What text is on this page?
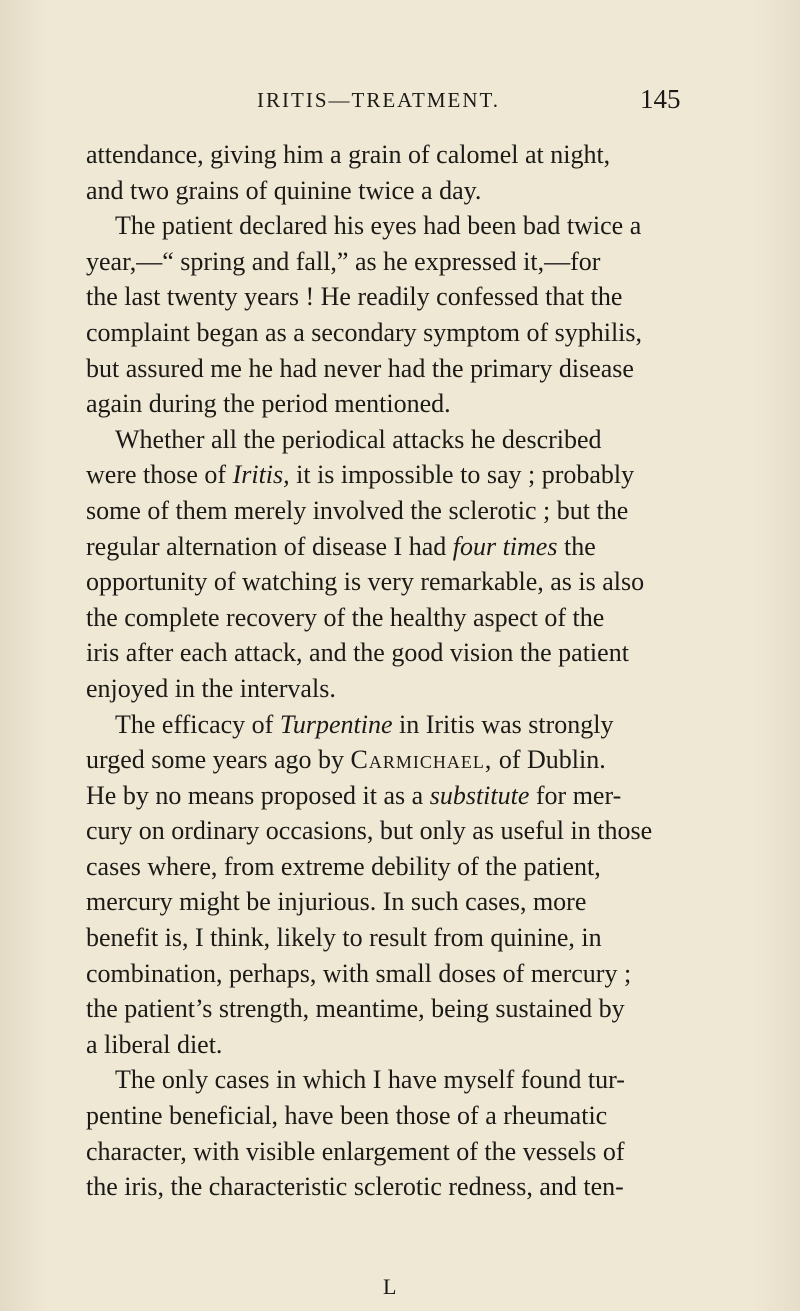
IRITIS—TREATMENT.	145
attendance, giving him a grain of calomel at night,
and two grains of quinine twice a day.
The patient declared his eyes had been bad twice a
year,—“ spring and fall,” as he expressed it,—for
the last twenty years ! He readily confessed that the
complaint began as a secondary symptom of syphilis,
but assured me he had never had the primary disease
again during the period mentioned.
Whether all the periodical attacks he described
were those of Iritis, it is impossible to say ; probably
some of them merely involved the sclerotic ; but the
regular alternation of disease I had four times the
opportunity of watching is very remarkable, as is also
the complete recovery of the healthy aspect of the
iris after each attack, and the good vision the patient
enjoyed in the intervals.
The efficacy of Turpentine in Iritis was strongly
urged some years ago by Carmichael, of Dublin.
He by no means proposed it as a substitute for mer-
cury on ordinary occasions, but only as useful in those
cases where, from extreme debility of the patient,
mercury might be injurious. In such cases, more
benefit is, I think, likely to result from quinine, in
combination, perhaps, with small doses of mercury ;
the patient’s strength, meantime, being sustained by
a liberal diet.
The only cases in which I have myself found tur-
pentine beneficial, have been those of a rheumatic
character, with visible enlargement of the vessels of
the iris, the characteristic sclerotic redness, and ten-
L
